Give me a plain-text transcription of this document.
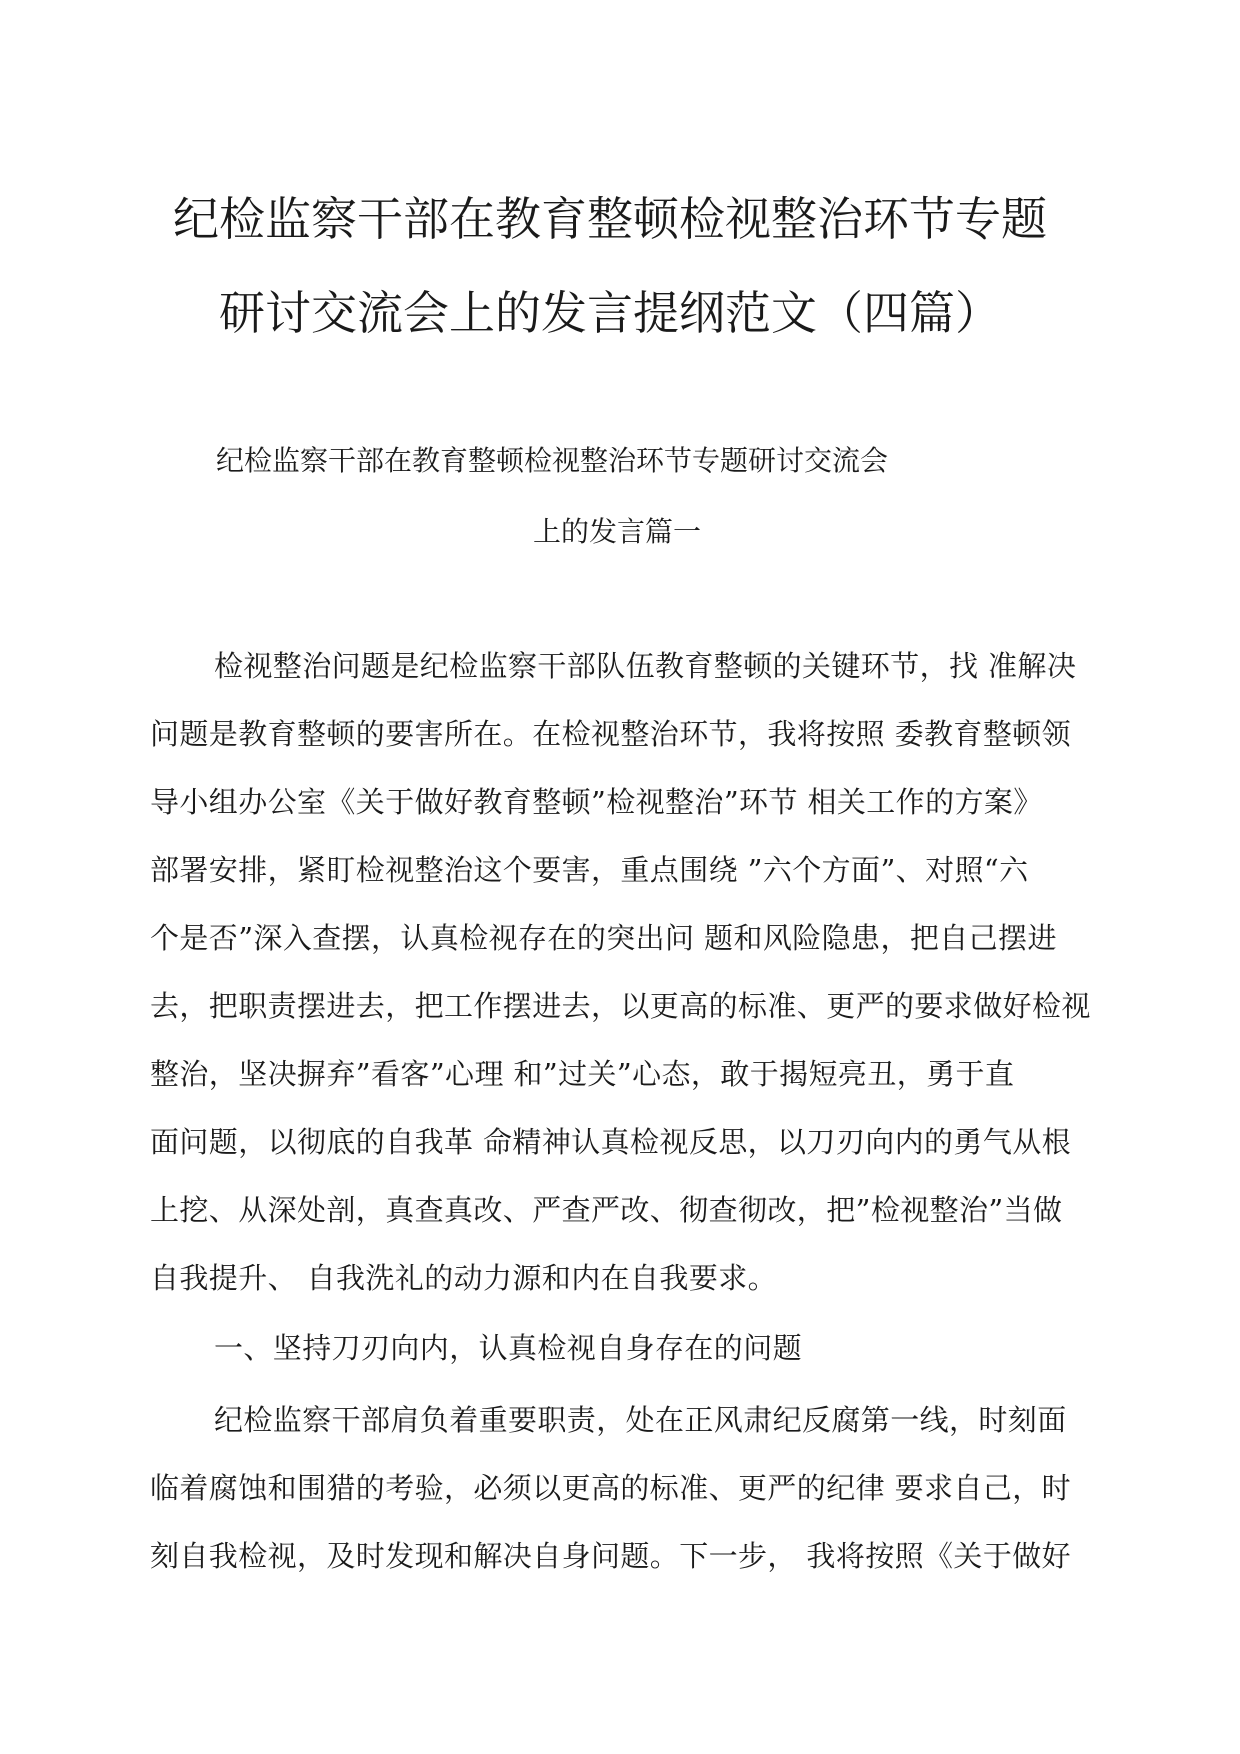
纪检监察干部在教育整顿检视整治环节专题
研讨交流会上的发言提纲范文（四篇）
纪检监察干部在教育整顿检视整治环节专题研讨交流会
上的发言篇一
检视整治问题是纪检监察干部队伍教育整顿的关键环节，找 准解决
问题是教育整顿的要害所在。在检视整治环节，我将按照 委教育整顿领
导小组办公室《关于做好教育整顿”检视整治”环节 相关工作的方案》
部署安排，紧盯检视整治这个要害，重点围绕 ”六个方面”、对照“六
个是否”深入查摆，认真检视存在的突出问 题和风险隐患，把自己摆进
去，把职责摆进去，把工作摆进去，以更高的标准、更严的要求做好检视
整治，坚决摒弃”看客”心理 和”过关”心态，敢于揭短亮丑，勇于直
面问题，以彻底的自我革 命精神认真检视反思，以刀刃向内的勇气从根
上挖、从深处剖，真查真改、严查严改、彻查彻改，把”检视整治”当做
自我提升、 自我洗礼的动力源和内在自我要求。
一、坚持刀刃向内，认真检视自身存在的问题
纪检监察干部肩负着重要职责，处在正风肃纪反腐第一线，时刻面
临着腐蚀和围猎的考验，必须以更高的标准、更严的纪律 要求自己，时
刻自我检视，及时发现和解决自身问题。下一步， 我将按照《关于做好
